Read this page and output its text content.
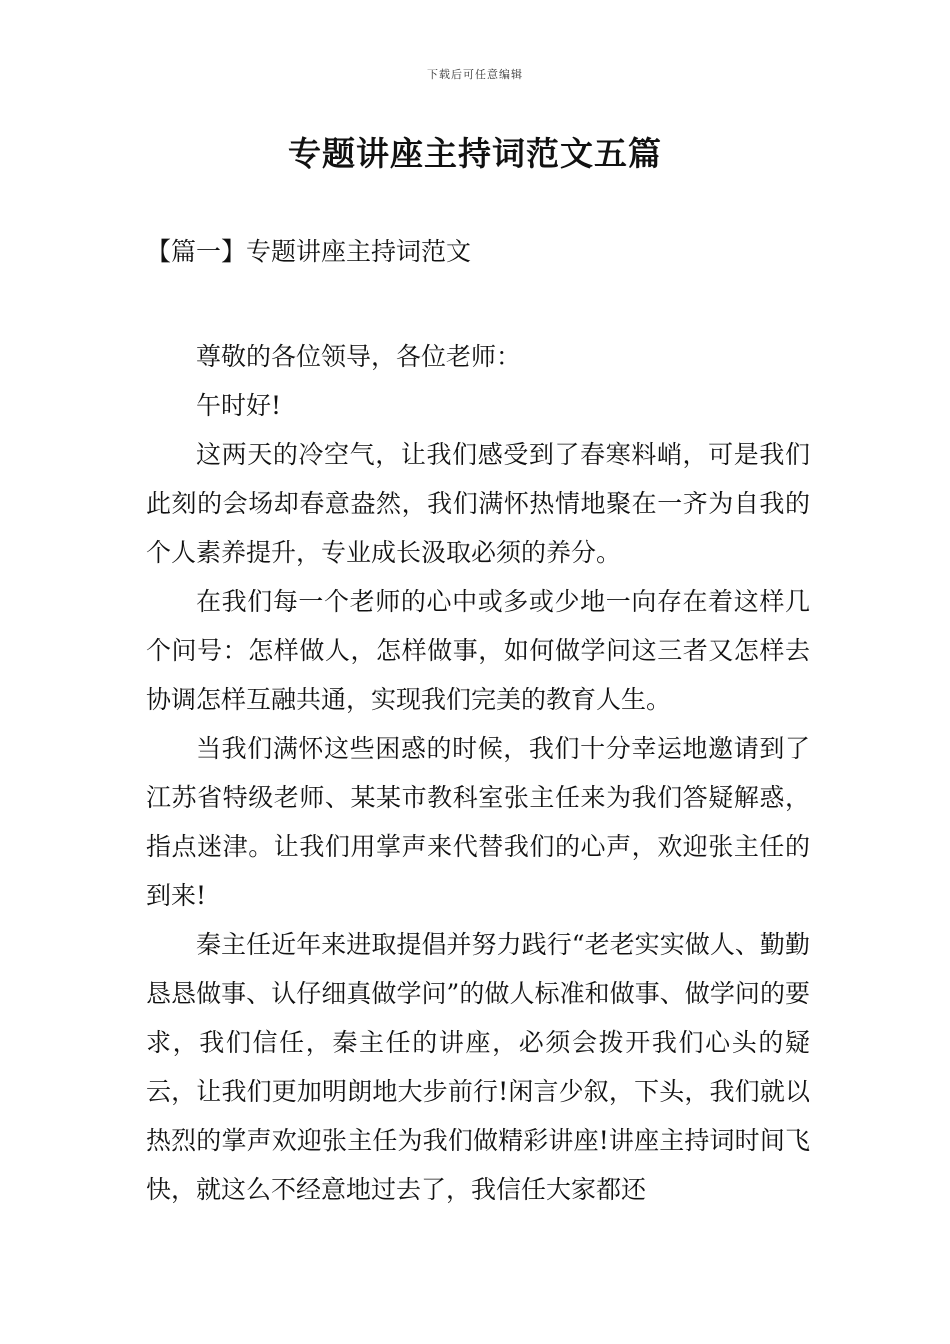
下载后可任意编辑
专题讲座主持词范文五篇
【篇一】专题讲座主持词范文

尊敬的各位领导，各位老师：

午时好!

这两天的冷空气，让我们感受到了春寒料峭，可是我们此刻的会场却春意盎然，我们满怀热情地聚在一齐为自我的个人素养提升，专业成长汲取必须的养分。

在我们每一个老师的心中或多或少地一向存在着这样几个问号：怎样做人，怎样做事，如何做学问这三者又怎样去协调怎样互融共通，实现我们完美的教育人生。

当我们满怀这些困惑的时候，我们十分幸运地邀请到了江苏省特级老师、某某市教科室张主任来为我们答疑解惑，指点迷津。让我们用掌声来代替我们的心声，欢迎张主任的到来!

秦主任近年来进取提倡并努力践行“老老实实做人、勤勤恳恳做事、认仔细真做学问”的做人标准和做事、做学问的要求，我们信任，秦主任的讲座，必须会拨开我们心头的疑云，让我们更加明朗地大步前行!闲言少叙，下头，我们就以热烈的掌声欢迎张主任为我们做精彩讲座!讲座主持词时间飞快，就这么不经意地过去了，我信任大家都还
